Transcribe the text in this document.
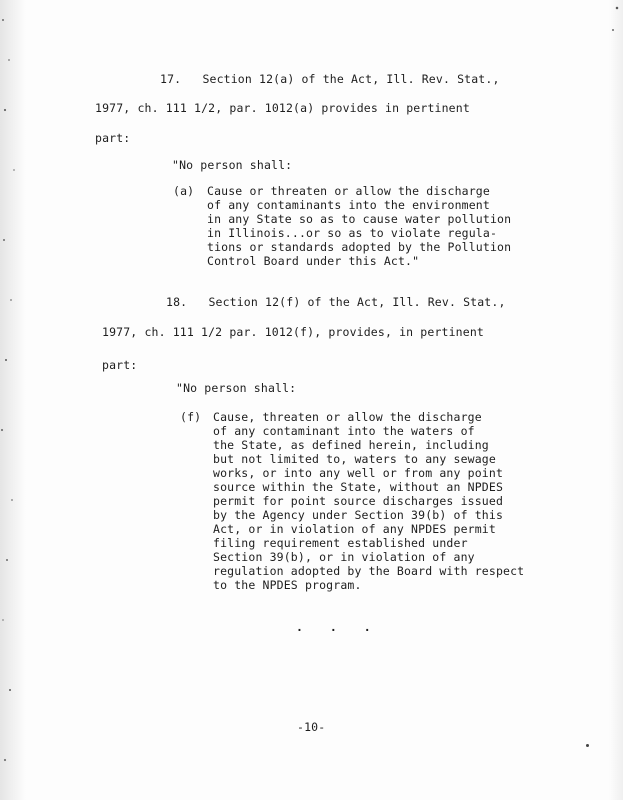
17.   Section 12(a) of the Act, Ill. Rev. Stat.,
1977, ch. 111 1/2, par. 1012(a) provides in pertinent
part:
"No person shall:
(a) Cause or threaten or allow the discharge
of any contaminants into the environment
in any State so as to cause water pollution
in Illinois...or so as to violate regula-
tions or standards adopted by the Pollution
Control Board under this Act."
18.   Section 12(f) of the Act, Ill. Rev. Stat.,
1977, ch. 111 1/2 par. 1012(f), provides, in pertinent
part:
"No person shall:
(f) Cause, threaten or allow the discharge
of any contaminant into the waters of
the State, as defined herein, including
but not limited to, waters to any sewage
works, or into any well or from any point
source within the State, without an NPDES
permit for point source discharges issued
by the Agency under Section 39(b) of this
Act, or in violation of any NPDES permit
filing requirement established under
Section 39(b), or in violation of any
regulation adopted by the Board with respect
to the NPDES program.
. . .
-10-
